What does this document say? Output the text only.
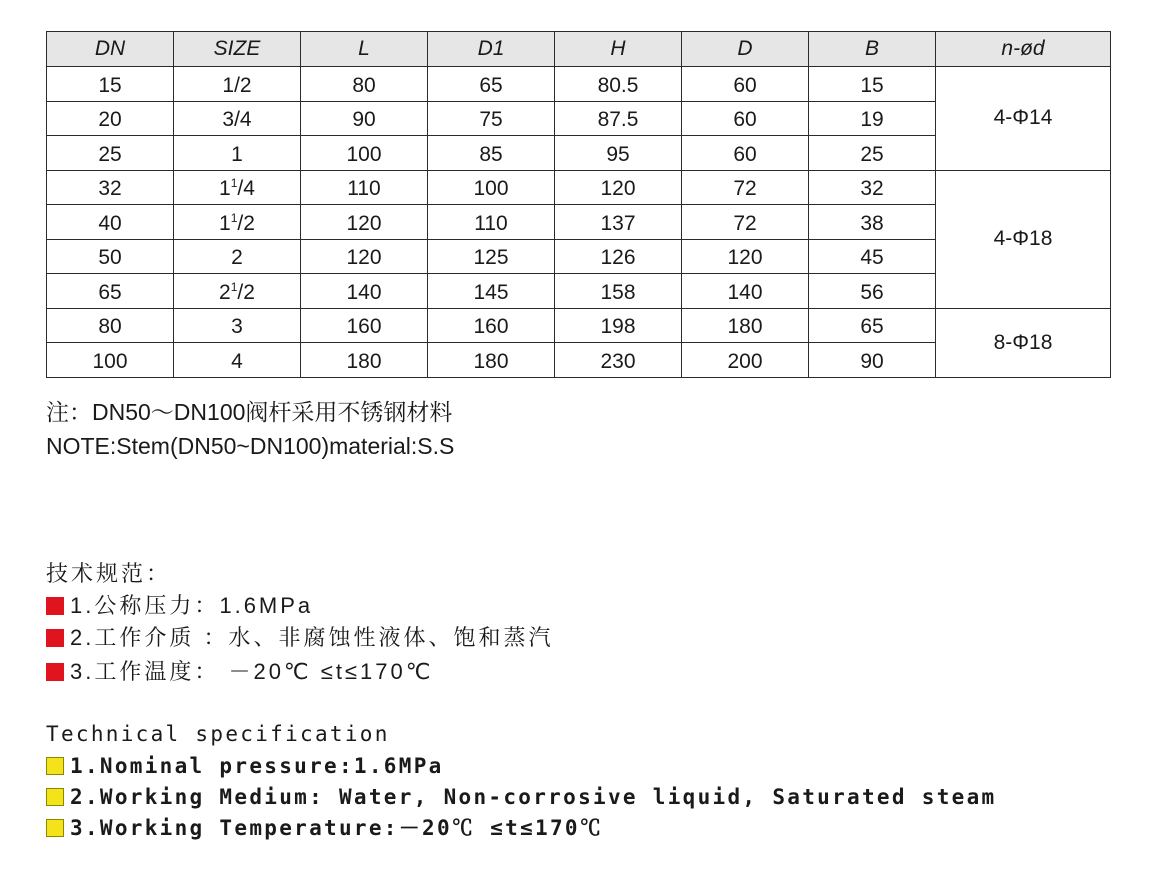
DN	SIZE	L	D1	H	D	B	n-ød
15	1/2	80	65	80.5	60	15	4-Φ14
20	3/4	90	75	87.5	60	19	
25	1	100	85	95	60	25	
32	$1^1/4$	110	100	120	72	32	4-Φ18
40	$1^1/2$	120	110	137	72	38	
50	2	120	125	126	120	45	
65	$2^1/2$	140	145	158	140	56	
80	3	160	160	198	180	65	8-Φ18
100	4	180	180	230	200	90	
注：DN50～DN100阀杆采用不锈钢材料
NOTE:Stem(DN50~DN100)material:S.S
技术规范：
1.公称压力：1.6MPa
2.工作介质 ：水、非腐蚀性液体、饱和蒸汽
3.工作温度： －20℃ ≤t≤170℃
Technical specification
1.Nominal pressure:1.6MPa
2.Working Medium: Water, Non-corrosive liquid, Saturated steam
3.Working Temperature:－20℃ ≤t≤170℃
